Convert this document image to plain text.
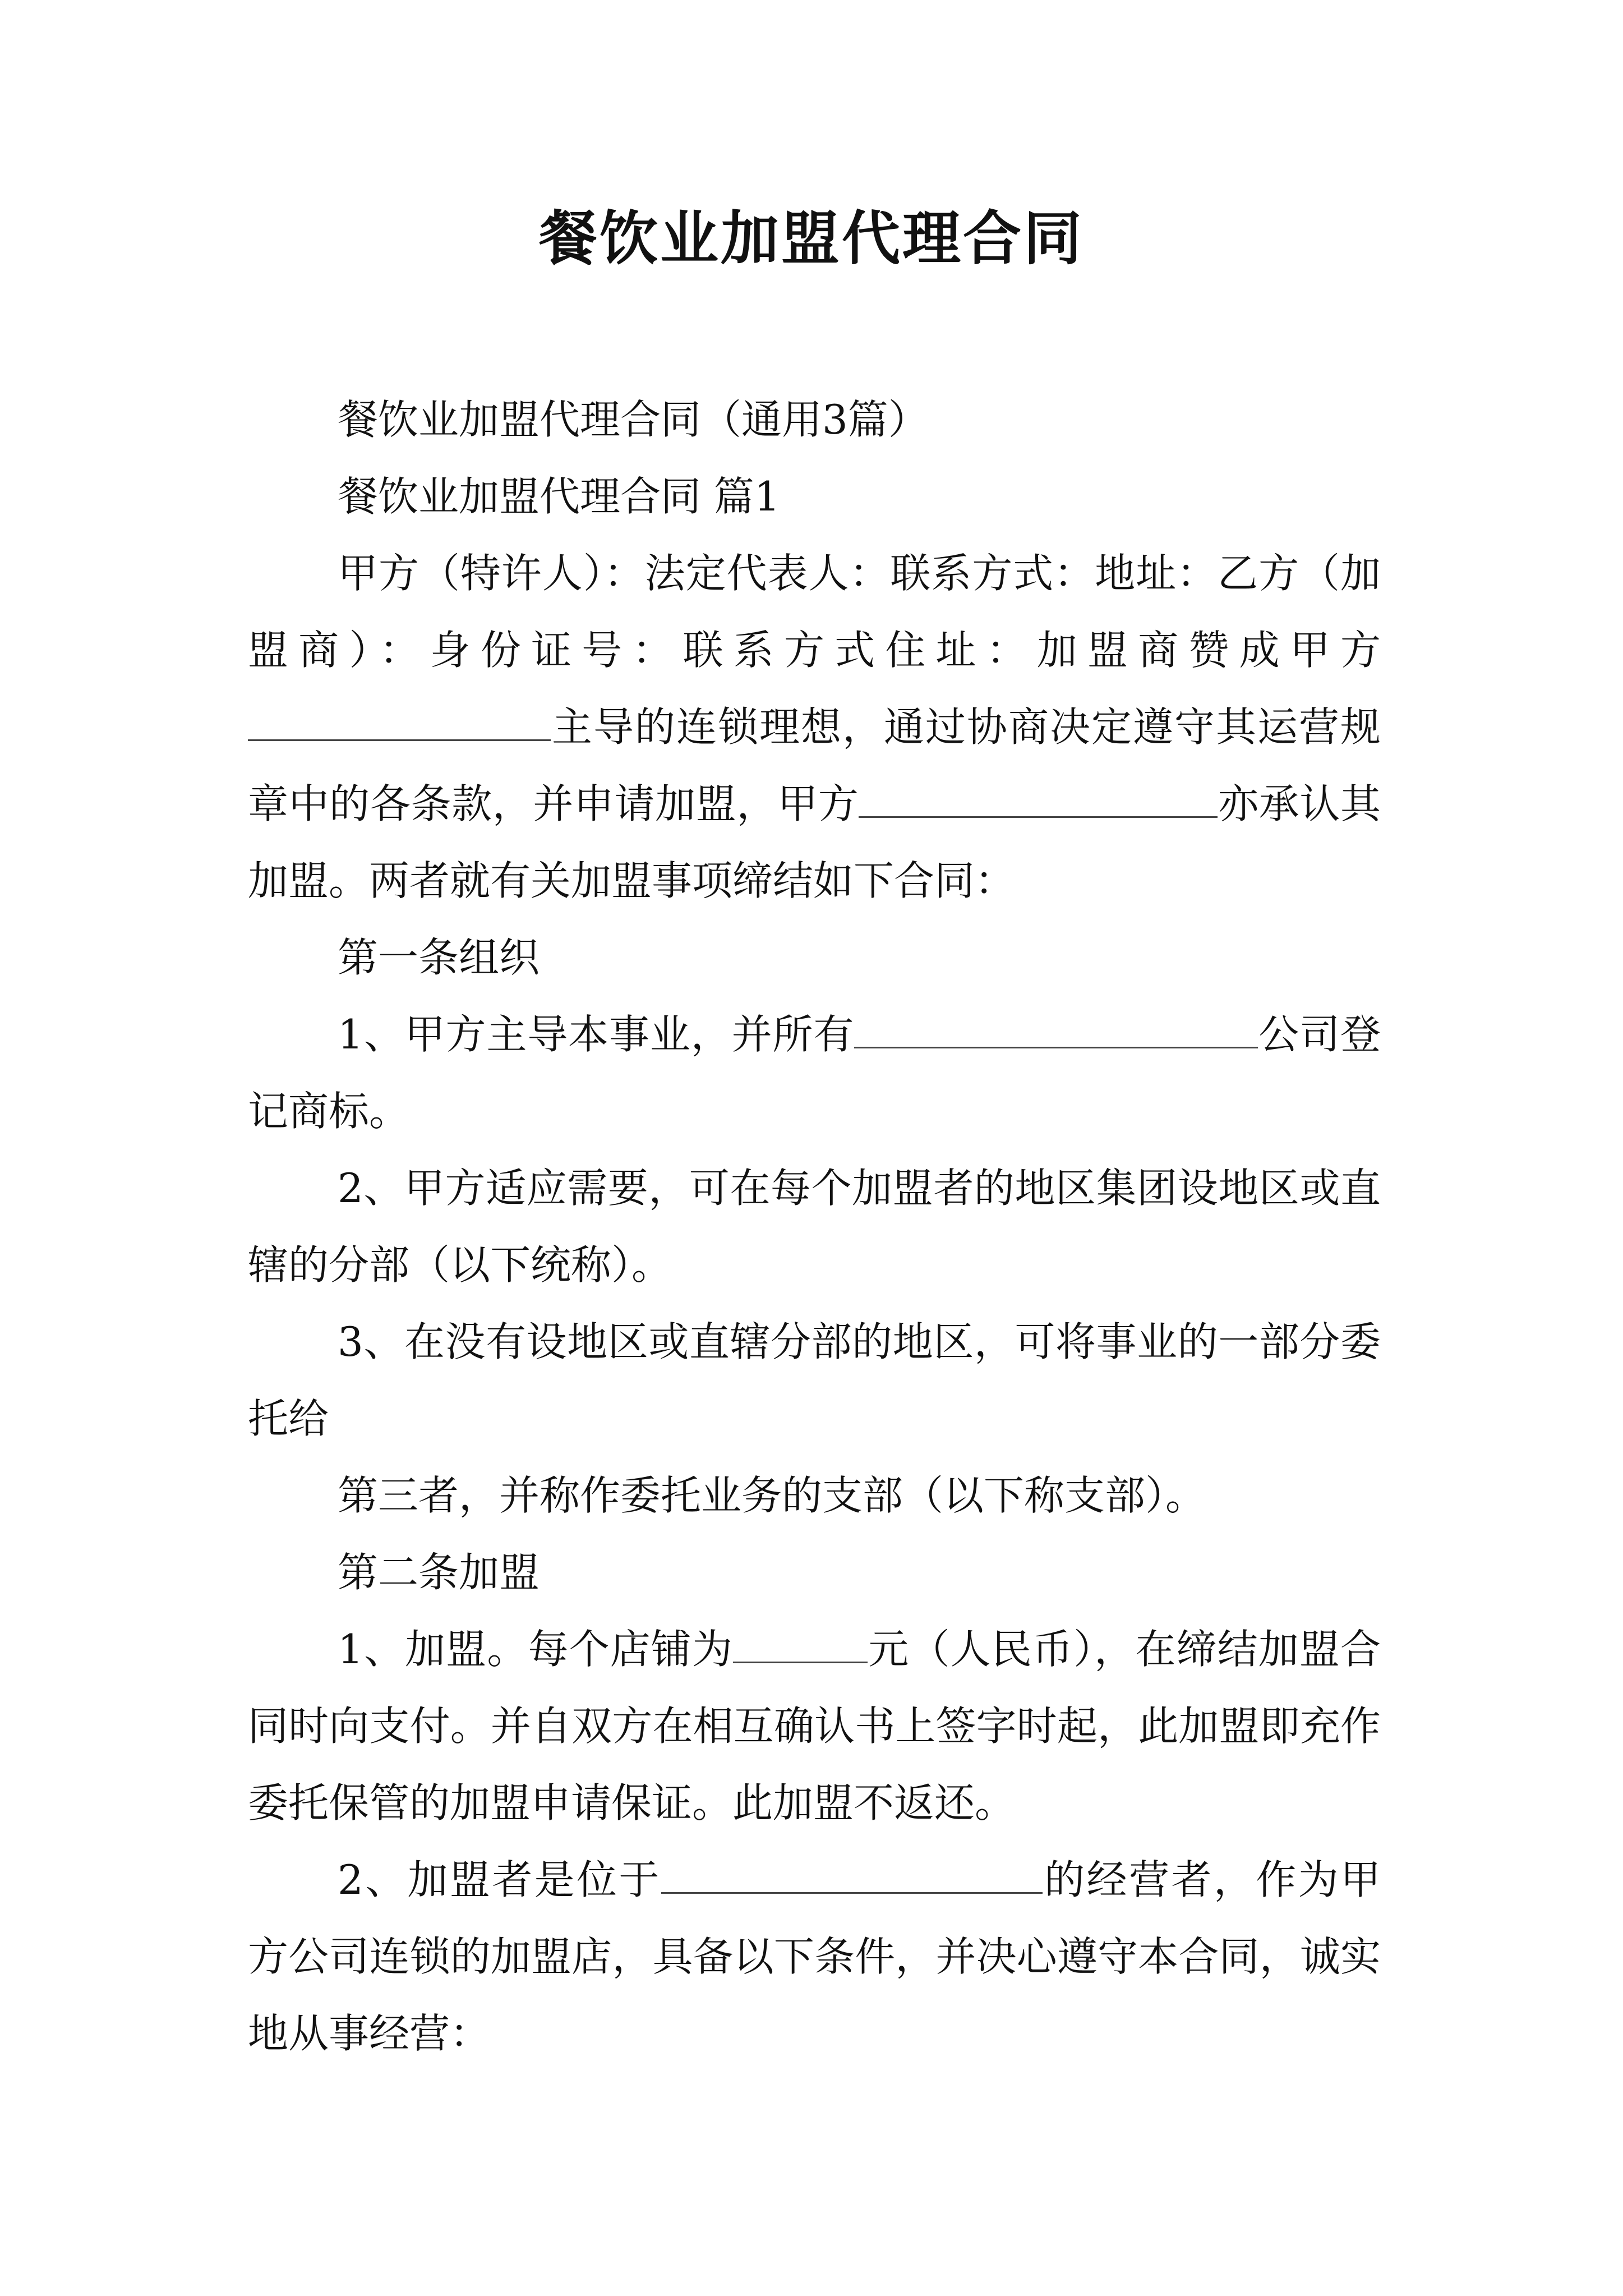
餐饮业加盟代理合同

餐饮业加盟代理合同（通用3篇）

餐饮业加盟代理合同 篇1

甲方（特许人）：法定代表人：联系方式：地址：乙方（加盟商）：身份证号：联系方式住址：加盟商赞成甲方主导的连锁理想，通过协商决定遵守其运营规章中的各条款，并申请加盟，甲方	亦承认其加盟。两者就有关加盟事项缔结如下合同：

第一条组织

1、甲方主导本事业，并所有	公司登记商标。

2、甲方适应需要，可在每个加盟者的地区集团设地区或直辖的分部（以下统称）。

3、在没有设地区或直辖分部的地区，可将事业的一部分委托给

第三者，并称作委托业务的支部（以下称支部）。

第二条加盟

1、加盟。每个店铺为	元（人民币），在缔结加盟合同时向支付。并自双方在相互确认书上签字时起，此加盟即充作委托保管的加盟申请保证。此加盟不返还。

2、加盟者是位于	的经营者，作为甲方公司连锁的加盟店，具备以下条件，并决心遵守本合同，诚实地从事经营：
